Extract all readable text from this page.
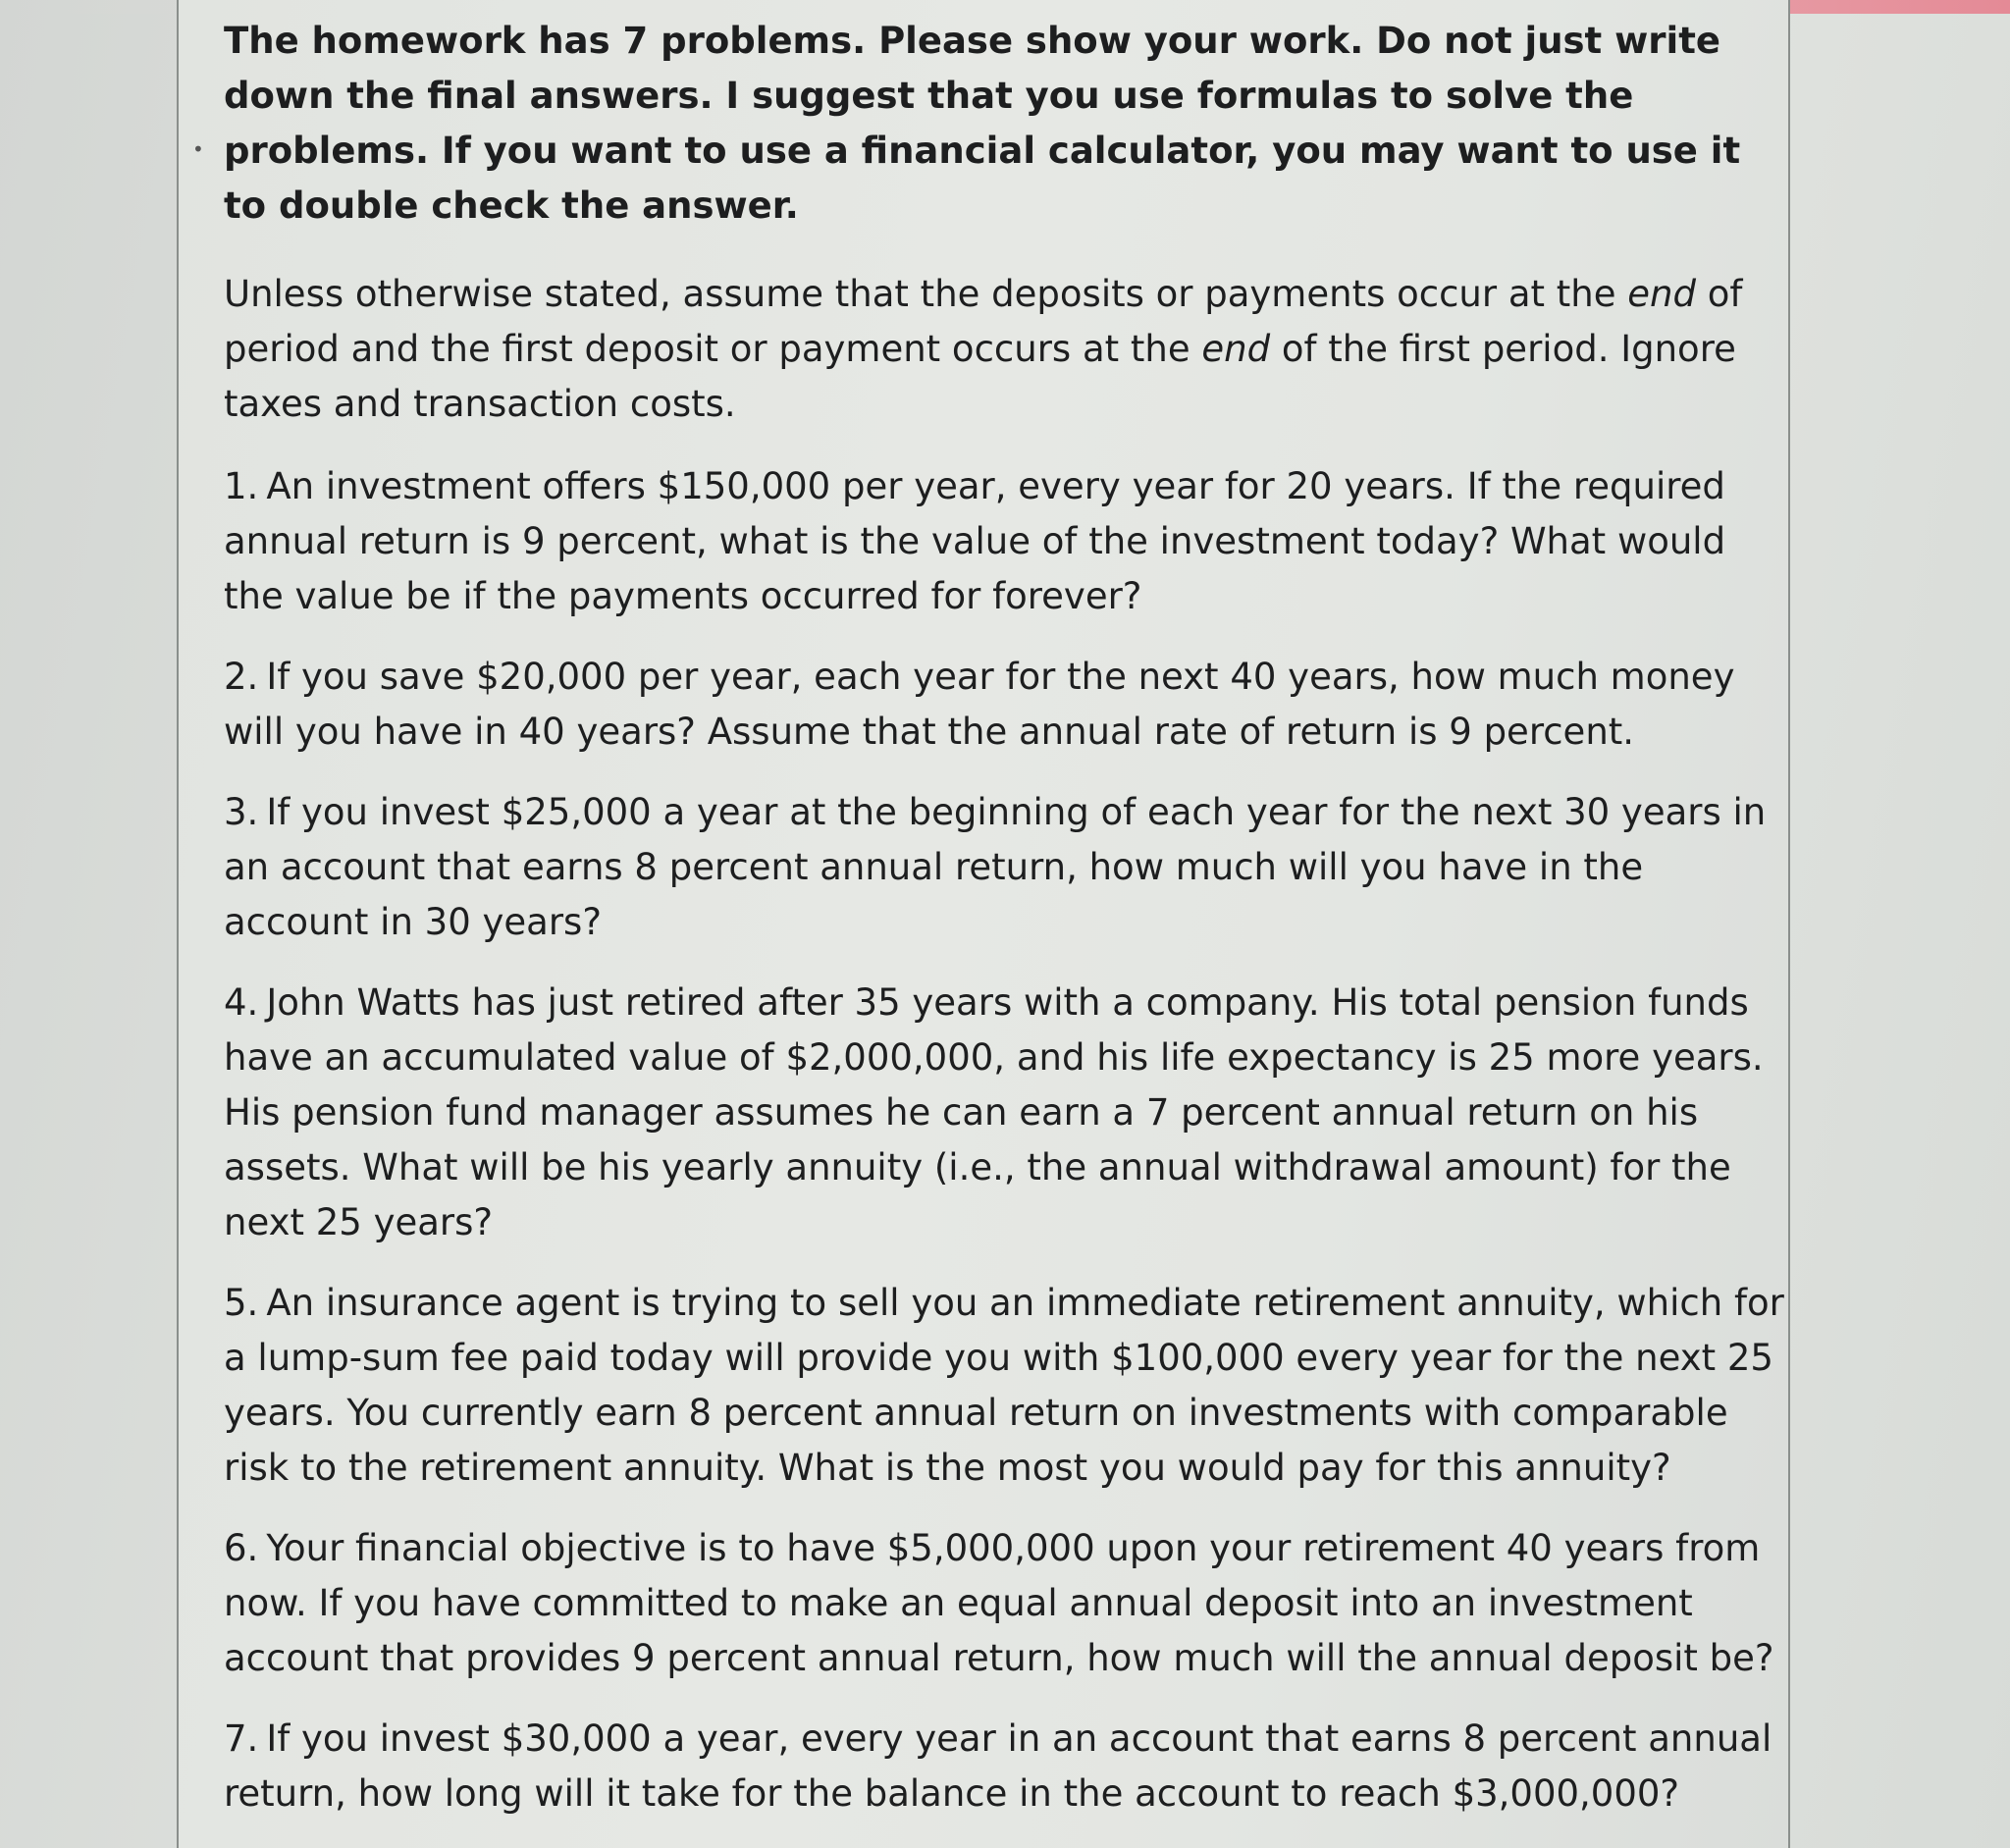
•

The homework has 7 problems. Please show your work. Do not just write down the final answers. I suggest that you use formulas to solve the problems. If you want to use a financial calculator, you may want to use it to double check the answer.

Unless otherwise stated, assume that the deposits or payments occur at the end of period and the first deposit or payment occurs at the end of the first period. Ignore taxes and transaction costs.

1. An investment offers $150,000 per year, every year for 20 years. If the required annual return is 9 percent, what is the value of the investment today? What would the value be if the payments occurred for forever?

2. If you save $20,000 per year, each year for the next 40 years, how much money will you have in 40 years? Assume that the annual rate of return is 9 percent.

3. If you invest $25,000 a year at the beginning of each year for the next 30 years in an account that earns 8 percent annual return, how much will you have in the account in 30 years?

4. John Watts has just retired after 35 years with a company. His total pension funds have an accumulated value of $2,000,000, and his life expectancy is 25 more years. His pension fund manager assumes he can earn a 7 percent annual return on his assets. What will be his yearly annuity (i.e., the annual withdrawal amount) for the next 25 years?

5. An insurance agent is trying to sell you an immediate retirement annuity, which for a lump-sum fee paid today will provide you with $100,000 every year for the next 25 years. You currently earn 8 percent annual return on investments with comparable risk to the retirement annuity. What is the most you would pay for this annuity?

6. Your financial objective is to have $5,000,000 upon your retirement 40 years from now. If you have committed to make an equal annual deposit into an investment account that provides 9 percent annual return, how much will the annual deposit be?

7. If you invest $30,000 a year, every year in an account that earns 8 percent annual return, how long will it take for the balance in the account to reach $3,000,000?
